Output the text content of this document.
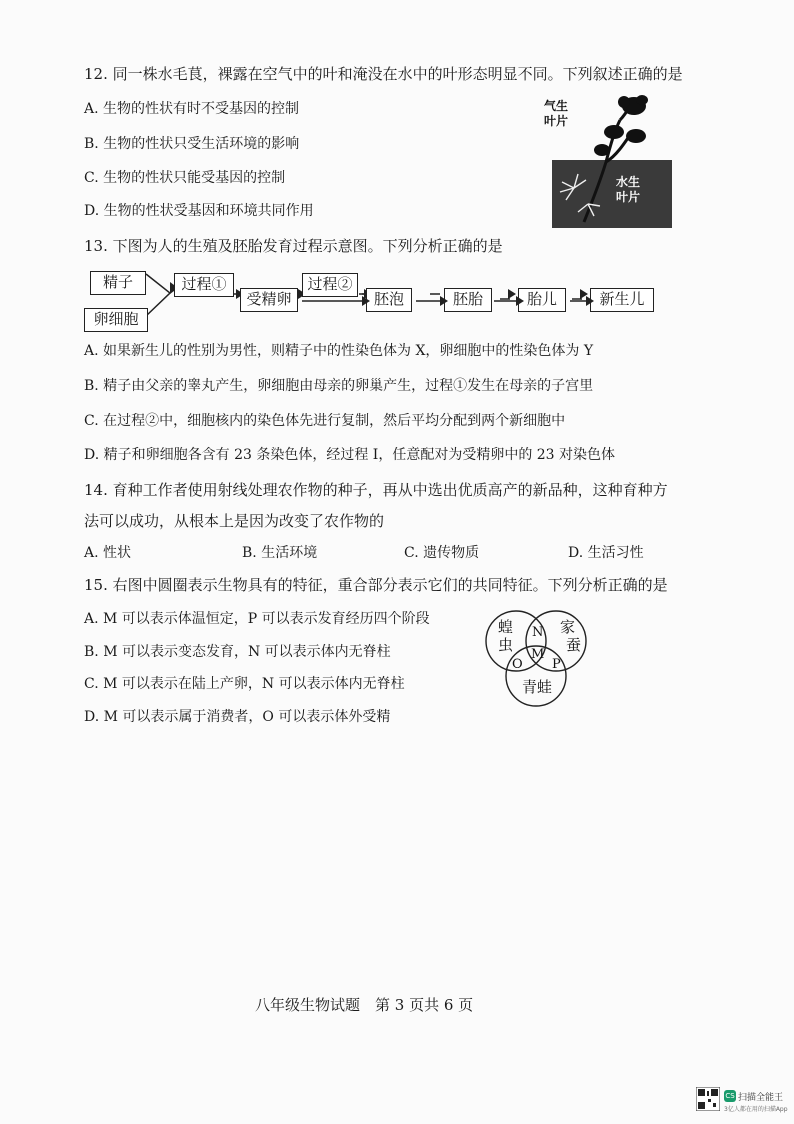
12. 同一株水毛茛，裸露在空气中的叶和淹没在水中的叶形态明显不同。下列叙述正确的是
A. 生物的性状有时不受基因的控制
B. 生物的性状只受生活环境的影响
C. 生物的性状只能受基因的控制
D. 生物的性状受基因和环境共同作用
气生
叶片
水生
叶片
13. 下图为人的生殖及胚胎发育过程示意图。下列分析正确的是
精子
卵细胞
过程①
受精卵
过程②
胚泡	胚胎	胎儿	新生儿
A. 如果新生儿的性别为男性，则精子中的性染色体为 X，卵细胞中的性染色体为 Y
B. 精子由父亲的睾丸产生，卵细胞由母亲的卵巢产生，过程①发生在母亲的子宫里
C. 在过程②中，细胞核内的染色体先进行复制，然后平均分配到两个新细胞中
D. 精子和卵细胞各含有 23 条染色体，经过程 I，任意配对为受精卵中的 23 对染色体
14. 育种工作者使用射线处理农作物的种子，再从中选出优质高产的新品种，这种育种方
法可以成功，从根本上是因为改变了农作物的
A. 性状	B. 生活环境	C. 遗传物质	D. 生活习性
15. 右图中圆圈表示生物具有的特征，重合部分表示它们的共同特征。下列分析正确的是
A. M 可以表示体温恒定，P 可以表示发育经历四个阶段
B. M 可以表示变态发育，N 可以表示体内无脊柱
C. M 可以表示在陆上产卵，N 可以表示体内无脊柱
D. M 可以表示属于消费者，O 可以表示体外受精
蝗
虫
家
蚕
青蛙
N
O
M
P
八年级生物试题　第 3 页共 6 页
CS 扫描全能王
3亿人都在用的扫描App
